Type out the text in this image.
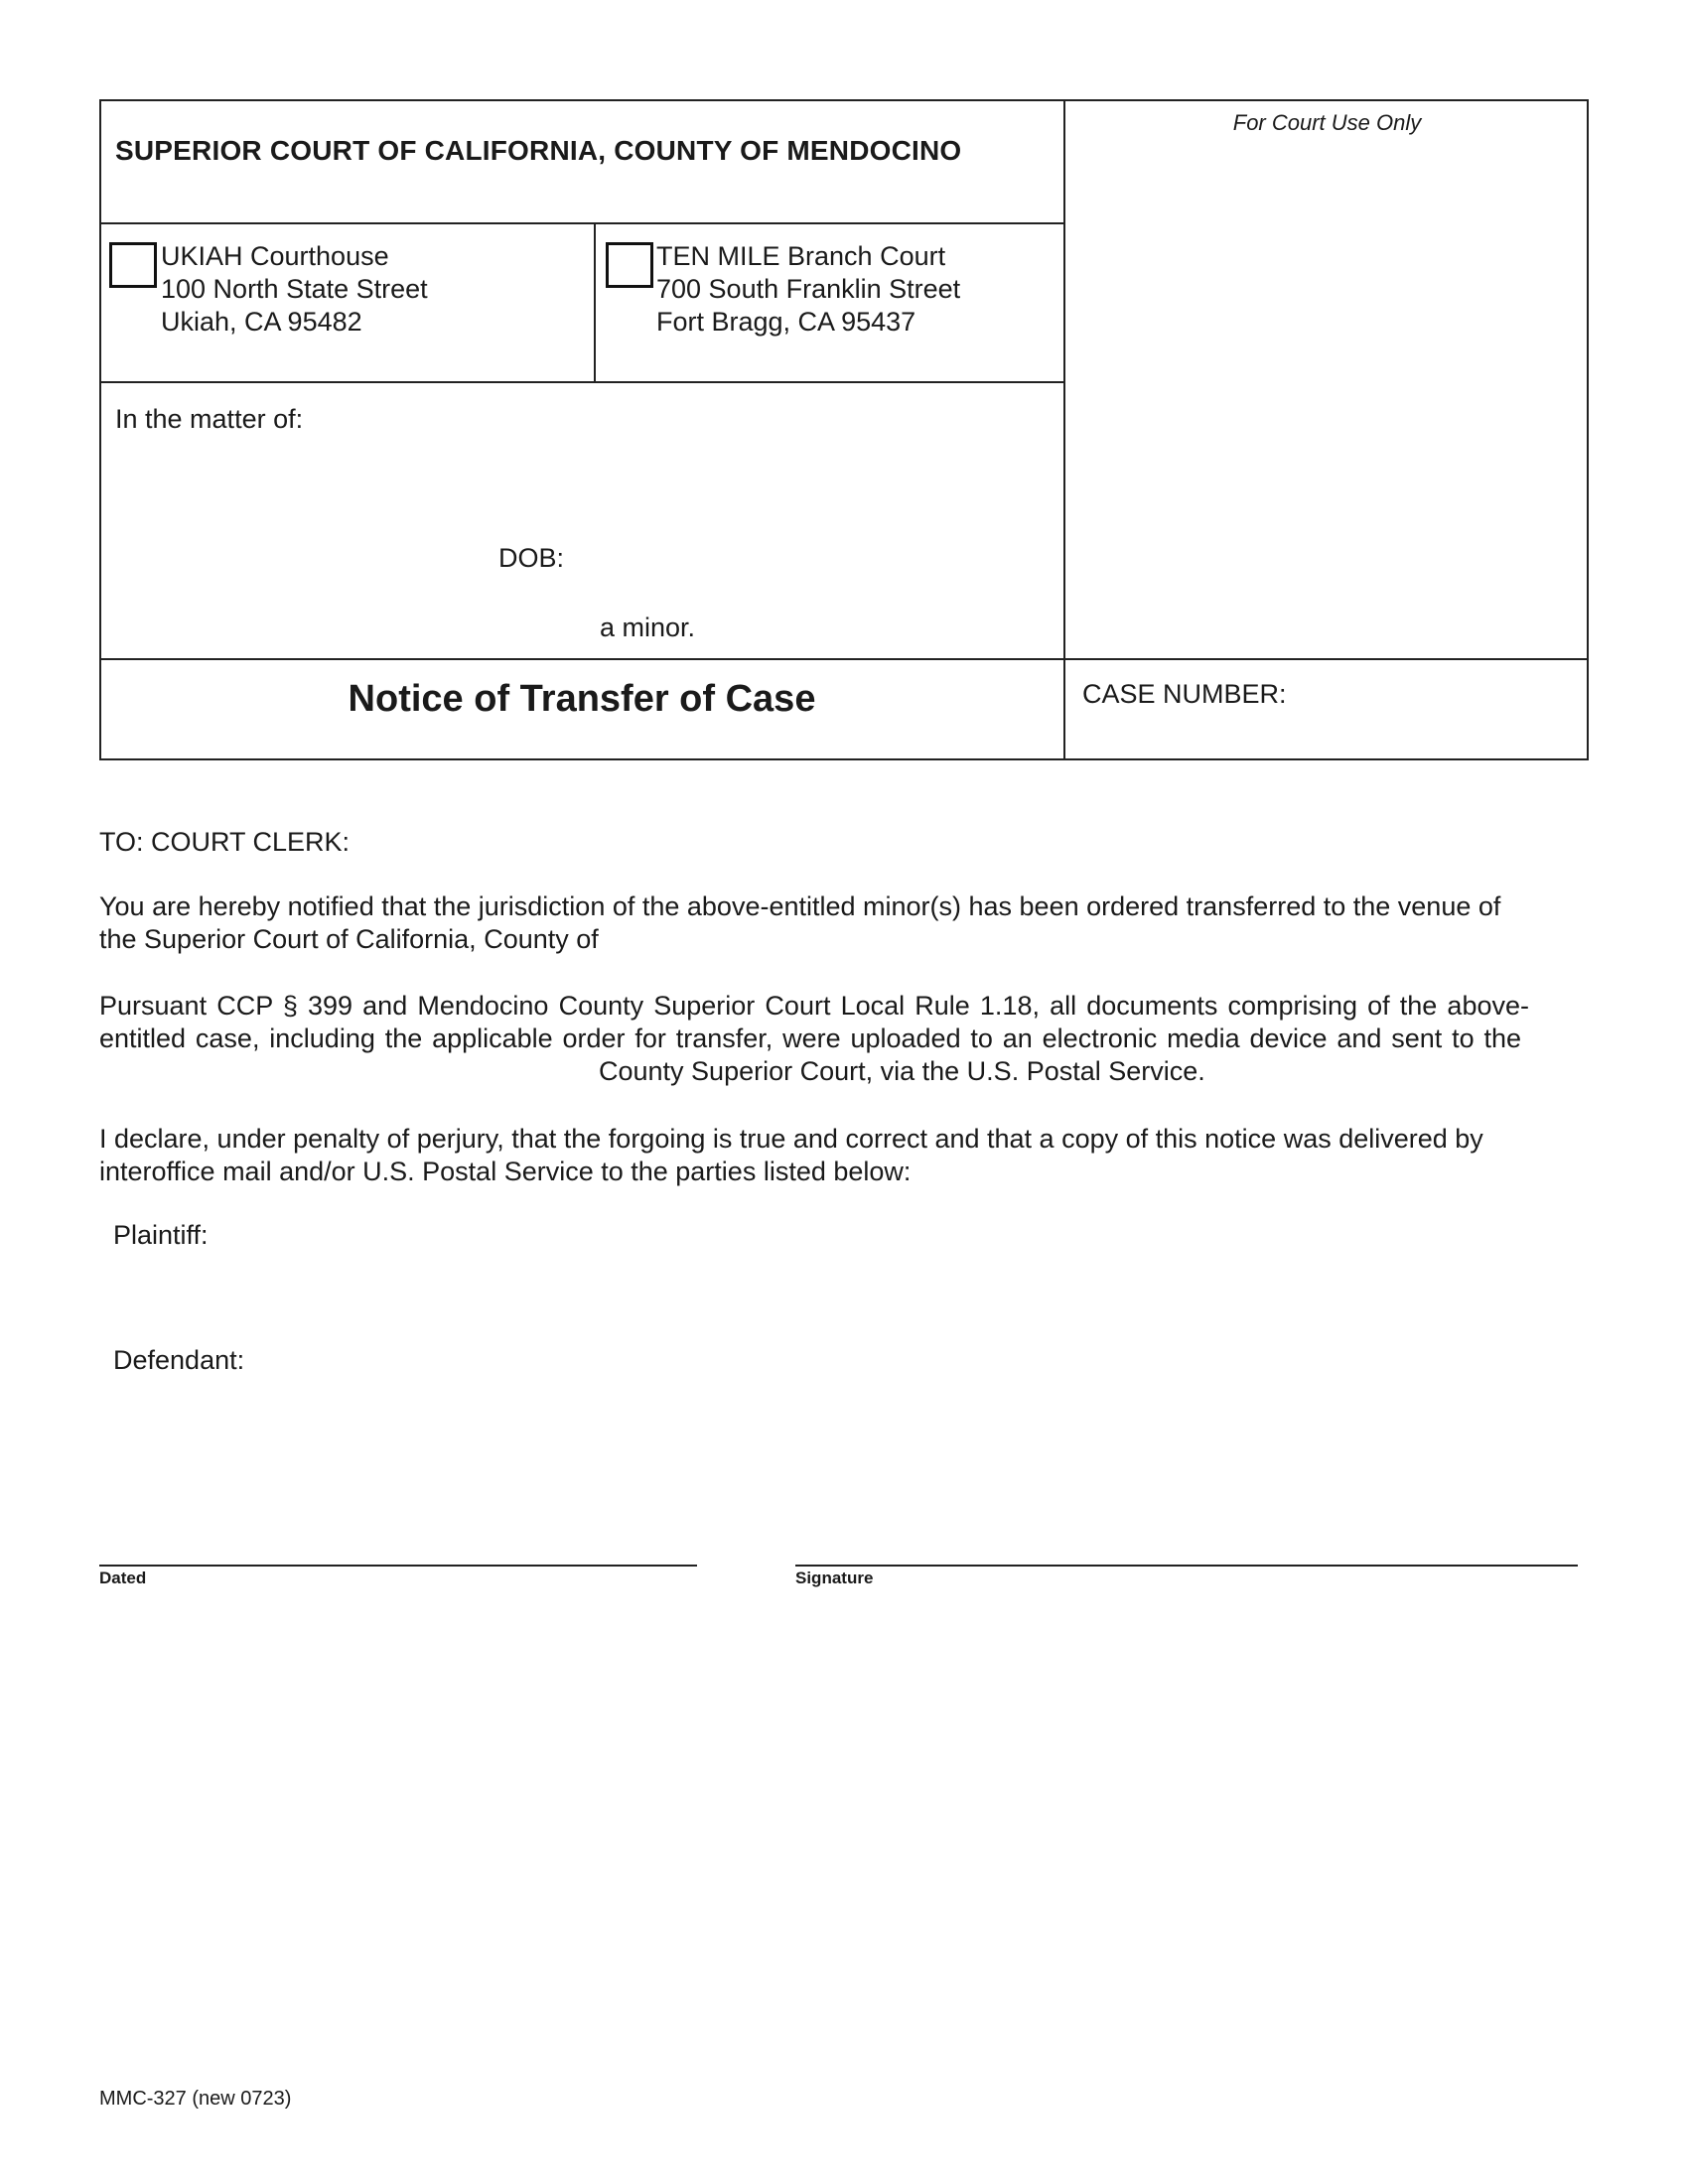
SUPERIOR COURT OF CALIFORNIA, COUNTY OF MENDOCINO
For Court Use Only
UKIAH Courthouse
100 North State Street
Ukiah, CA 95482
TEN MILE Branch Court
700 South Franklin Street
Fort Bragg, CA 95437
In the matter of:
DOB:
a minor.
Notice of Transfer of Case	CASE NUMBER:
TO: COURT CLERK:
You are hereby notified that the jurisdiction of the above-entitled minor(s) has been ordered transferred to the venue of
the Superior Court of California, County of
Pursuant CCP § 399 and Mendocino County Superior Court Local Rule 1.18, all documents comprising of the above-
entitled case, including the applicable order for transfer, were uploaded to an electronic media device and sent to the
County Superior Court, via the U.S. Postal Service.
I declare, under penalty of perjury, that the forgoing is true and correct and that a copy of this notice was delivered by
interoffice mail and/or U.S. Postal Service to the parties listed below:
Plaintiff:
Defendant:
Dated	Signature
MMC-327 (new 0723)
